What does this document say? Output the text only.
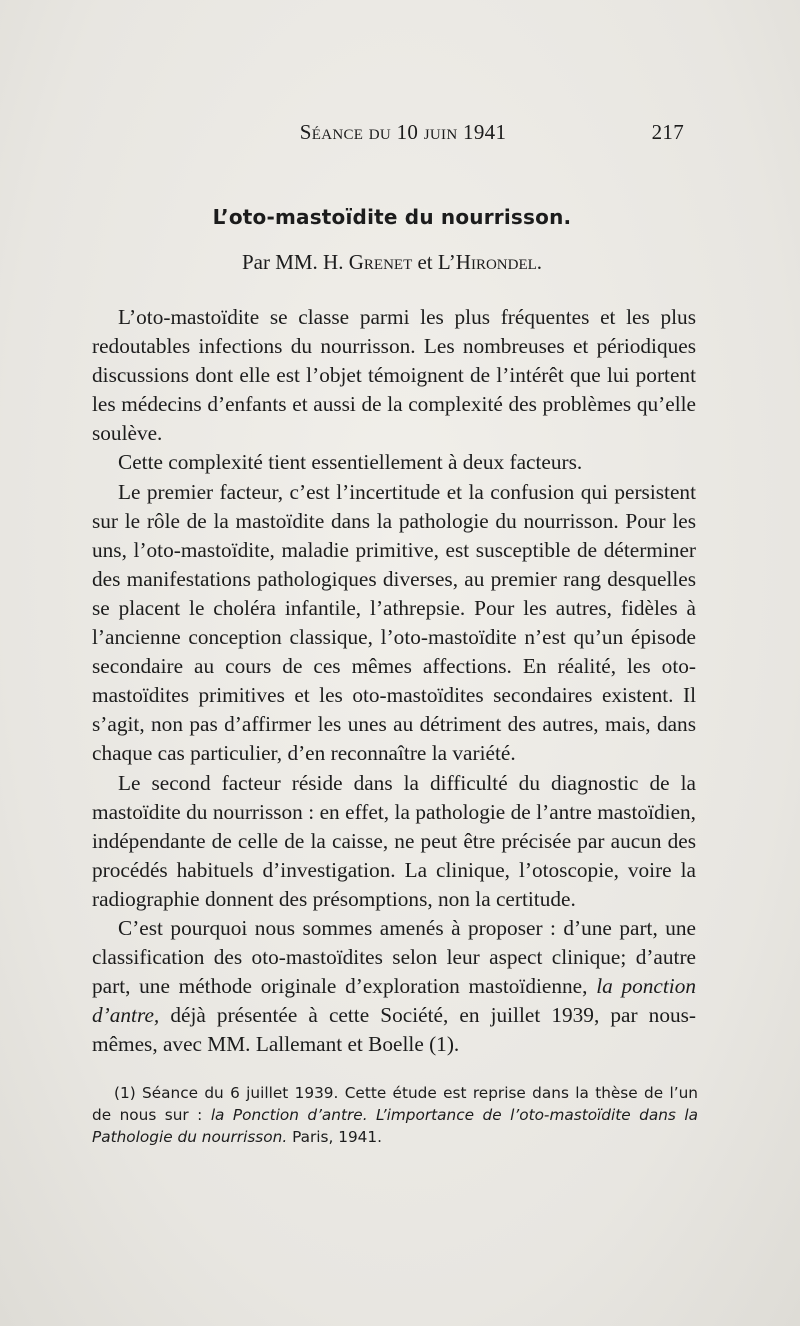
Séance du 10 juin 1941	217
L’oto-mastoïdite du nourrisson.
Par MM. H. Grenet et L’Hirondel.

L’oto-mastoïdite se classe parmi les plus fréquentes et les plus redoutables infections du nourrisson. Les nombreuses et périodiques discussions dont elle est l’objet témoignent de l’intérêt que lui portent les médecins d’enfants et aussi de la complexité des problèmes qu’elle soulève.

Cette complexité tient essentiellement à deux facteurs.

Le premier facteur, c’est l’incertitude et la confusion qui persistent sur le rôle de la mastoïdite dans la pathologie du nourrisson. Pour les uns, l’oto-mastoïdite, maladie primitive, est susceptible de déterminer des manifestations pathologiques diverses, au premier rang desquelles se placent le choléra infantile, l’athrepsie. Pour les autres, fidèles à l’ancienne conception classique, l’oto-mastoïdite n’est qu’un épisode secondaire au cours de ces mêmes affections. En réalité, les oto-mastoïdites primitives et les oto-mastoïdites secondaires existent. Il s’agit, non pas d’affirmer les unes au détriment des autres, mais, dans chaque cas particulier, d’en reconnaître la variété.

Le second facteur réside dans la difficulté du diagnostic de la mastoïdite du nourrisson : en effet, la pathologie de l’antre mastoïdien, indépendante de celle de la caisse, ne peut être précisée par aucun des procédés habituels d’investigation. La clinique, l’otoscopie, voire la radiographie donnent des présomptions, non la certitude.

C’est pourquoi nous sommes amenés à proposer : d’une part, une classification des oto-mastoïdites selon leur aspect clinique; d’autre part, une méthode originale d’exploration mastoïdienne, la ponction d’antre, déjà présentée à cette Société, en juillet 1939, par nous-mêmes, avec MM. Lallemant et Boelle (1).

(1) Séance du 6 juillet 1939. Cette étude est reprise dans la thèse de l’un de nous sur : la Ponction d’antre. L’importance de l’oto-mastoïdite dans la Pathologie du nourrisson. Paris, 1941.
